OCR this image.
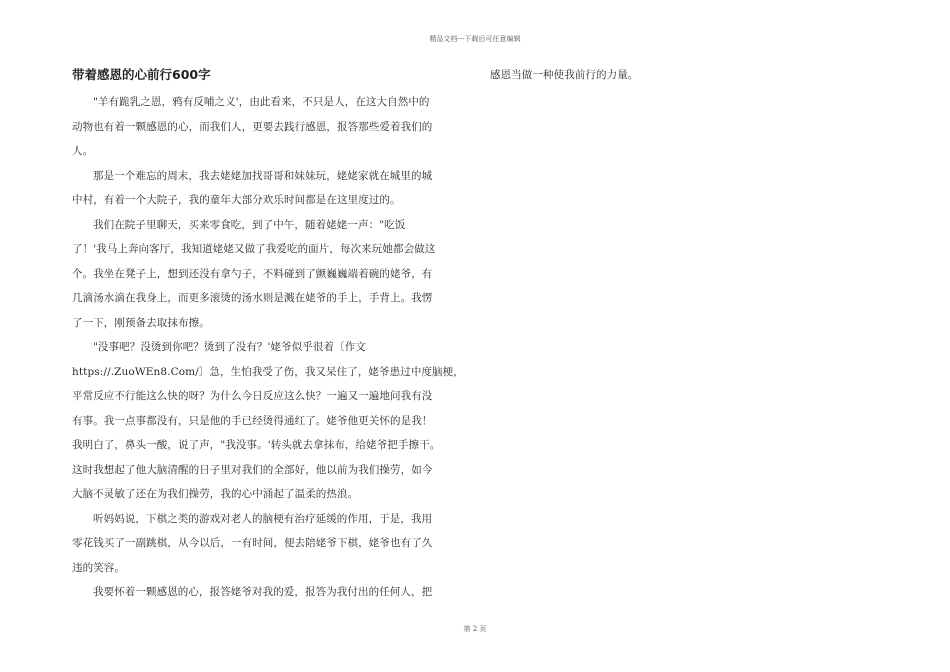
精品文档---下载后可任意编辑
带着感恩的心前行600字
"羊有跪乳之恩，鸦有反哺之义'，由此看来，不只是人，在这大自然中的
动物也有着一颗感恩的心，而我们人，更要去践行感恩，报答那些爱着我们的
人。
那是一个难忘的周末，我去姥姥加找哥哥和妹妹玩，姥姥家就在城里的城
中村，有着一个大院子，我的童年大部分欢乐时间都是在这里度过的。
我们在院子里聊天，买来零食吃，到了中午，随着姥姥一声："吃饭
了！'我马上奔向客厅，我知道姥姥又做了我爱吃的面片，每次来玩她都会做这
个。我坐在凳子上，想到还没有拿勺子，不料碰到了颤巍巍端着碗的姥爷，有
几滴汤水滴在我身上，而更多滚烫的汤水则是溅在姥爷的手上，手背上。我愣
了一下，刚预备去取抹布擦。
"没事吧？没烫到你吧？烫到了没有？'姥爷似乎很着〔作文
https://.ZuoWEn8.Com/〕急，生怕我受了伤，我又呆住了，姥爷患过中度脑梗，
平常反应不行能这么快的呀？为什么今日反应这么快？一遍又一遍地问我有没
有事。我一点事都没有，只是他的手已经烫得通红了。姥爷他更关怀的是我！
我明白了，鼻头一酸，说了声，"我没事。'转头就去拿抹布，给姥爷把手擦干。
这时我想起了他大脑清醒的日子里对我们的全部好，他以前为我们操劳，如今
大脑不灵敏了还在为我们操劳，我的心中涌起了温柔的热浪。
听妈妈说，下棋之类的游戏对老人的脑梗有治疗延缓的作用，于是，我用
零花钱买了一副跳棋，从今以后，一有时间，便去陪姥爷下棋，姥爷也有了久
违的笑容。
我要怀着一颗感恩的心，报答姥爷对我的爱，报答为我付出的任何人，把
感恩当做一种使我前行的力量。
第 2 页
